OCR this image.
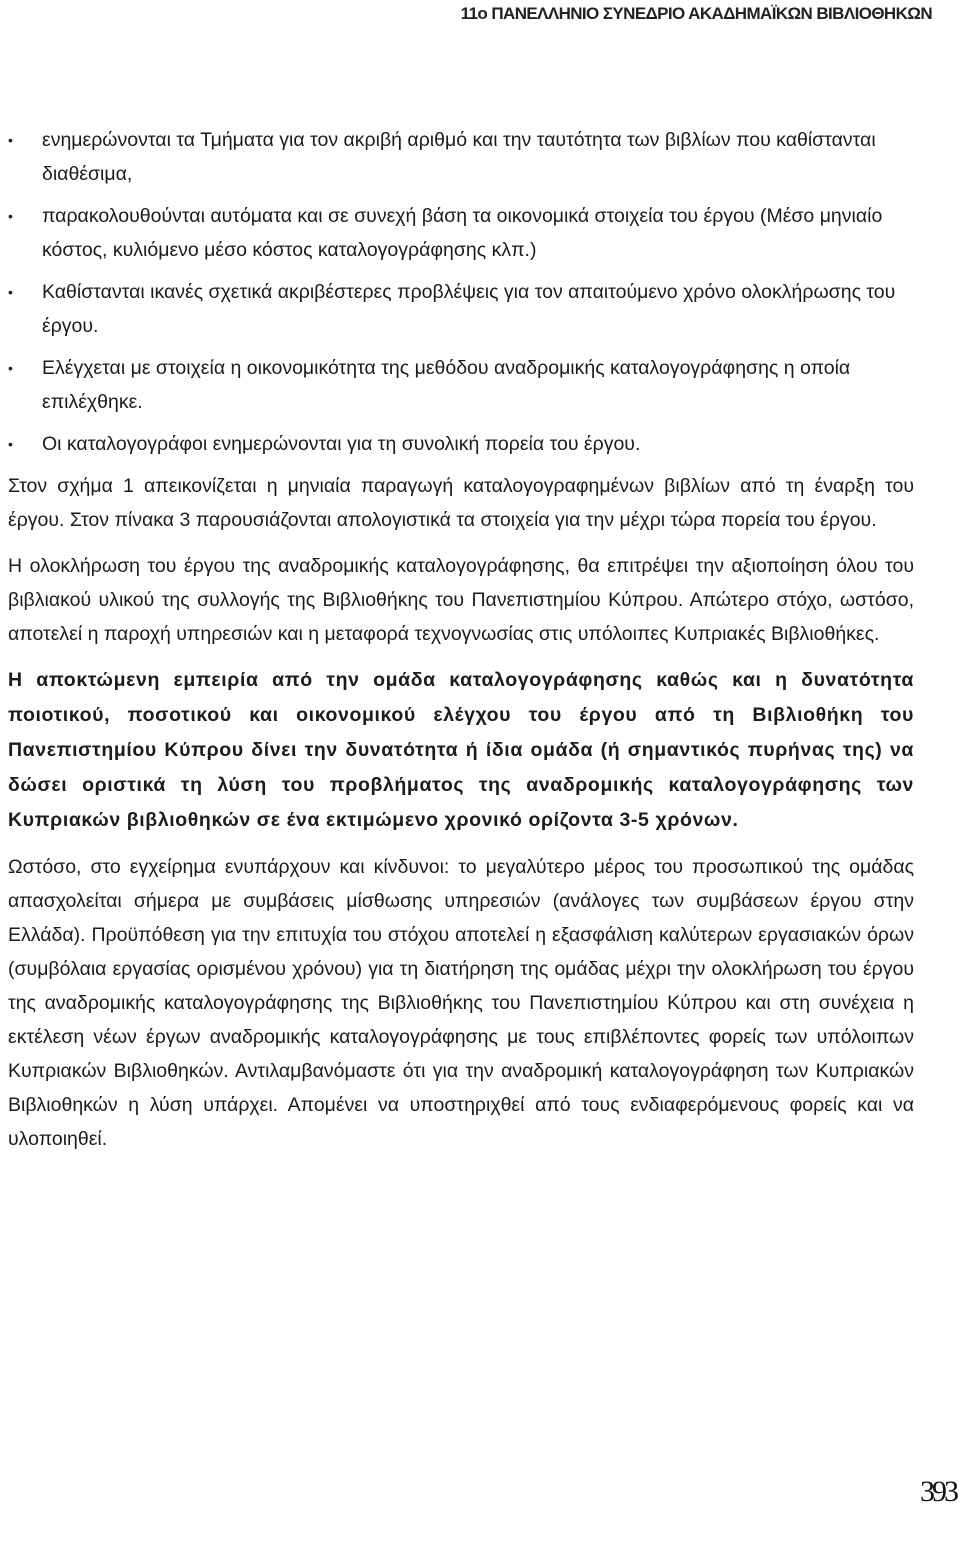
11ο ΠΑΝΕΛΛΗΝΙΟ ΣΥΝΕΔΡΙΟ ΑΚΑΔΗΜΑΪΚΩΝ ΒΙΒΛΙΟΘΗΚΩΝ
•	ενημερώνονται τα Τμήματα για τον ακριβή αριθμό και την ταυτότητα των βιβλίων που καθίστανται διαθέσιμα,
•	παρακολουθούνται αυτόματα και σε συνεχή βάση τα οικονομικά στοιχεία του έργου (Μέσο μηνιαίο κόστος, κυλιόμενο μέσο κόστος καταλογογράφησης κλπ.)
•	Καθίστανται ικανές σχετικά ακριβέστερες προβλέψεις για τον απαιτούμενο χρόνο ολοκλήρωσης του έργου.
•	Ελέγχεται με στοιχεία η οικονομικότητα της μεθόδου αναδρομικής καταλογογράφησης η οποία επιλέχθηκε.
•	Οι καταλογογράφοι ενημερώνονται για τη συνολική πορεία του έργου.

Στον σχήμα 1 απεικονίζεται η μηνιαία παραγωγή καταλογογραφημένων βιβλίων από τη έναρξη του έργου. Στον πίνακα 3 παρουσιάζονται απολογιστικά τα στοιχεία για την μέχρι τώρα πορεία του έργου.

Η ολοκλήρωση του έργου της αναδρομικής καταλογογράφησης, θα επιτρέψει την αξιοποίηση όλου του βιβλιακού υλικού της συλλογής της Βιβλιοθήκης του Πανεπιστημίου Κύπρου. Απώτερο στόχο, ωστόσο, αποτελεί η παροχή υπηρεσιών και η μεταφορά τεχνογνωσίας στις υπόλοιπες Κυπριακές Βιβλιοθήκες.

Η αποκτώμενη εμπειρία από την ομάδα καταλογογράφησης καθώς και η δυνατότητα ποιοτικού, ποσοτικού και οικονομικού ελέγχου του έργου από τη Βιβλιοθήκη του Πανεπιστημίου Κύπρου δίνει την δυνατότητα ή ίδια ομάδα (ή σημαντικός πυρήνας της) να δώσει οριστικά τη λύση του προβλήματος της αναδρομικής καταλογογράφησης των Κυπριακών βιβλιοθηκών σε ένα εκτιμώμενο χρονικό ορίζοντα 3-5 χρόνων.

Ωστόσο, στο εγχείρημα ενυπάρχουν και κίνδυνοι: το μεγαλύτερο μέρος του προσωπικού της ομάδας απασχολείται σήμερα με συμβάσεις μίσθωσης υπηρεσιών (ανάλογες των συμβάσεων έργου στην Ελλάδα). Προϋπόθεση για την επιτυχία του στόχου αποτελεί η εξασφάλιση καλύτερων εργασιακών όρων (συμβόλαια εργασίας ορισμένου χρόνου) για τη διατήρηση της ομάδας μέχρι την ολοκλήρωση του έργου της αναδρομικής καταλογογράφησης της Βιβλιοθήκης του Πανεπιστημίου Κύπρου και στη συνέχεια η εκτέλεση νέων έργων αναδρομικής καταλογογράφησης με τους επιβλέποντες φορείς των υπόλοιπων Κυπριακών Βιβλιοθηκών. Αντιλαμβανόμαστε ότι για την αναδρομική καταλογογράφηση των Κυπριακών Βιβλιοθηκών η λύση υπάρχει. Απομένει να υποστηριχθεί από τους ενδιαφερόμενους φορείς και να υλοποιηθεί.

393
